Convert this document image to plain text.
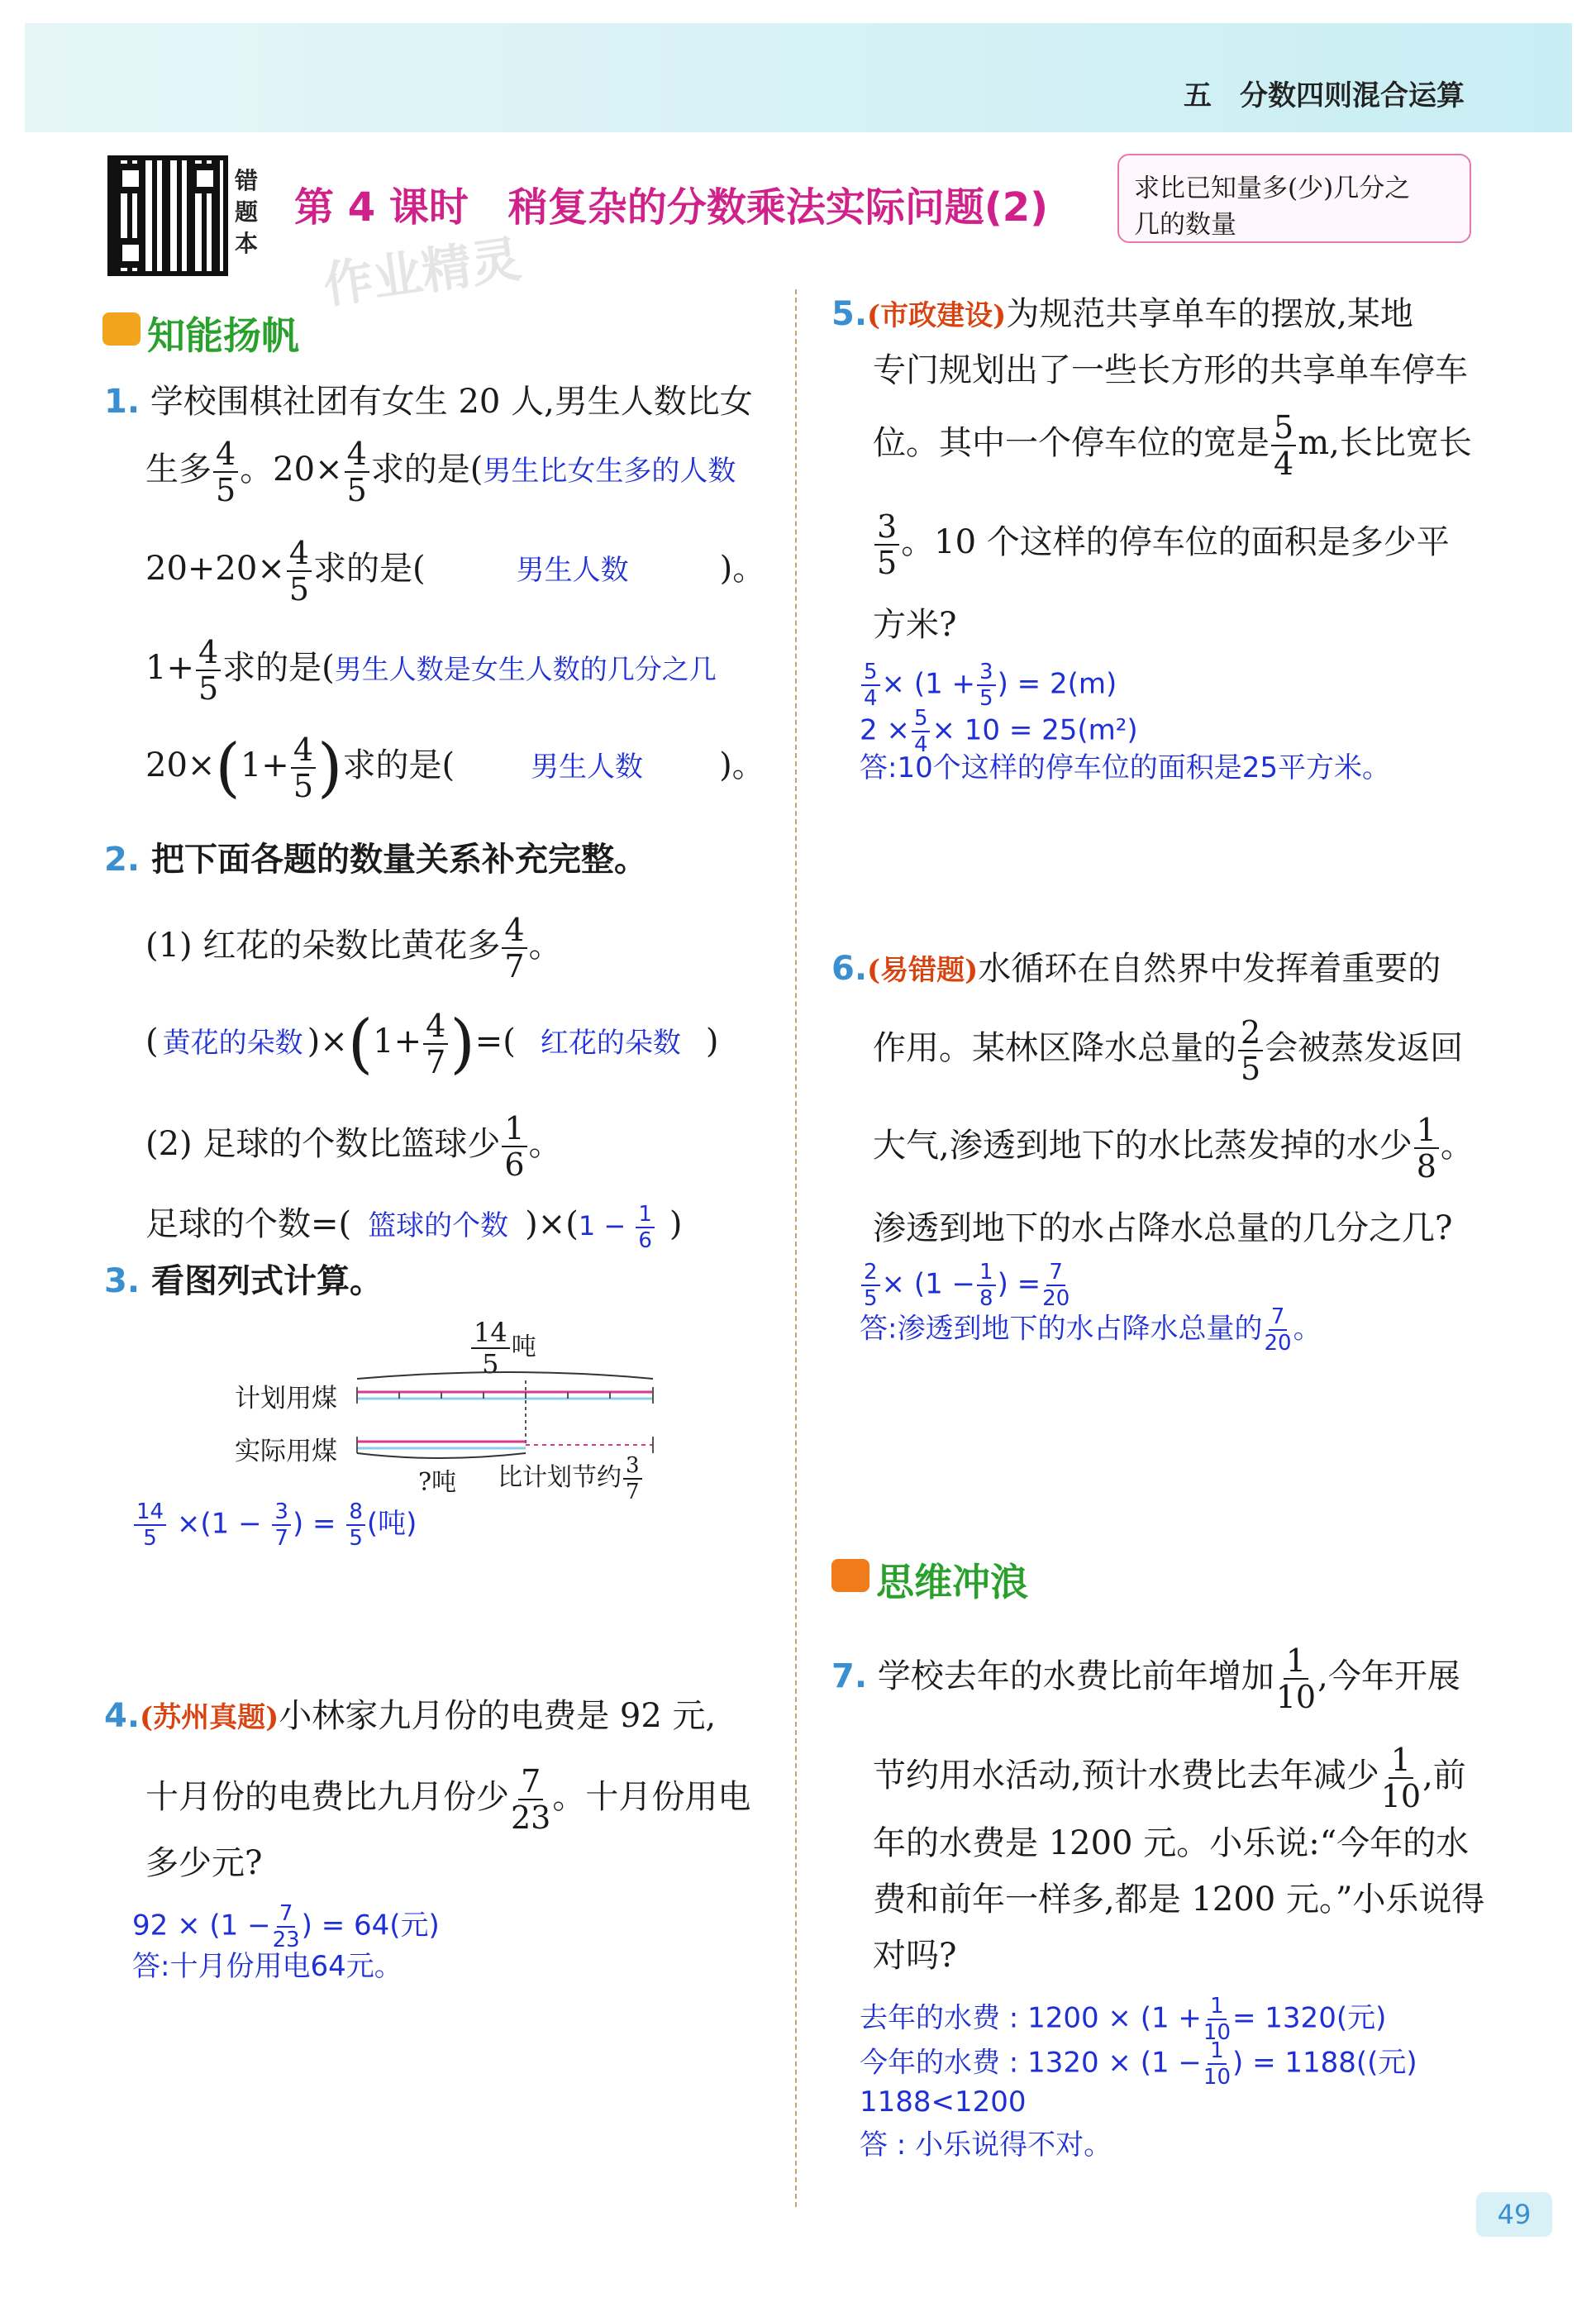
五　分数四则混合运算
错
题
本
第 4 课时　稍复杂的分数乘法实际问题(2)	求比已知量多(少)几分之
几的数量
作业精灵
知能扬帆
1. 学校围棋社团有女生 20 人,男生人数比女
生多 $\frac{4}{5}$ 。$20\times \frac{4}{5}$ 求的是(男生比女生多的人数
$20+20\times \frac{4}{5}$ 求的是(	男生人数	)。
$1+ \frac{4}{5}$ 求的是(男生人数是女生人数的几分之几
$20\times(1+ \frac{4}{5}$ )求的是(	男生人数 )。
2. 把下面各题的数量关系补充完整。
(1) 红花的朵数比黄花多 $\frac{4}{7}$ 。
( 黄花的朵数 )$\times(1+ \frac{4}{7}$ )=( 红花的朵数 )
(2) 足球的个数比篮球少 $\frac{1}{6}$ 。
足球的个数=( 篮球的个数 )$\times(1 - \frac{1}{6}$ )
3. 看图列式计算。
$\frac{14}{5}$ 吨
计划用煤
实际用煤
?吨 比计划节约 $\frac{3}{7}$
$\frac{14}{5} \times(1 - \frac{3}{7}$ ) = $\frac{8}{5}$ (吨)
4.(苏州真题)小林家九月份的电费是 92 元,
十月份的电费比九月份少 $\frac{7}{23}$ 。十月份用电
多少元?
$92 \times (1 - \frac{7}{23}$ ) = 64(元)
答:十月份用电64元。
5.(市政建设)为规范共享单车的摆放,某地
专门规划出了一些长方形的共享单车停车
位。其中一个停车位的宽是 $\frac{5}{4} m$,长比宽长
$\frac{3}{5}$ 。10 个这样的停车位的面积是多少平
方米?
$\frac{5}{4} \times (1 + \frac{3}{5}$ ) = 2(m)
$2 \times \frac{5}{4} \times 10 = 25(m^2)$
答:10个这样的停车位的面积是25平方米。
6.(易错题)水循环在自然界中发挥着重要的
作用。某林区降水总量的 $\frac{2}{5}$ 会被蒸发返回
大气,渗透到地下的水比蒸发掉的水少 $\frac{1}{8}$ 。
渗透到地下的水占降水总量的几分之几?
$\frac{2}{5} \times (1 - \frac{1}{8}$ ) = $\frac{7}{20}$
答:渗透到地下的水占降水总量的 $\frac{7}{20}$ 。
思维冲浪
7. 学校去年的水费比前年增加 $\frac{1}{10}$ ,今年开展
节约用水活动,预计水费比去年减少 $\frac{1}{10}$ ,前
年的水费是 1200 元。小乐说:“今年的水
费和前年一样多,都是 1200 元。”小乐说得
对吗?
去年的水费 : $1200 \times (1 + \frac{1}{10} = 1320$(元)
今年的水费 : $1320 \times (1 - \frac{1}{10}$ ) = 1188((元)
1188<1200
答 : 小乐说得不对。
49
